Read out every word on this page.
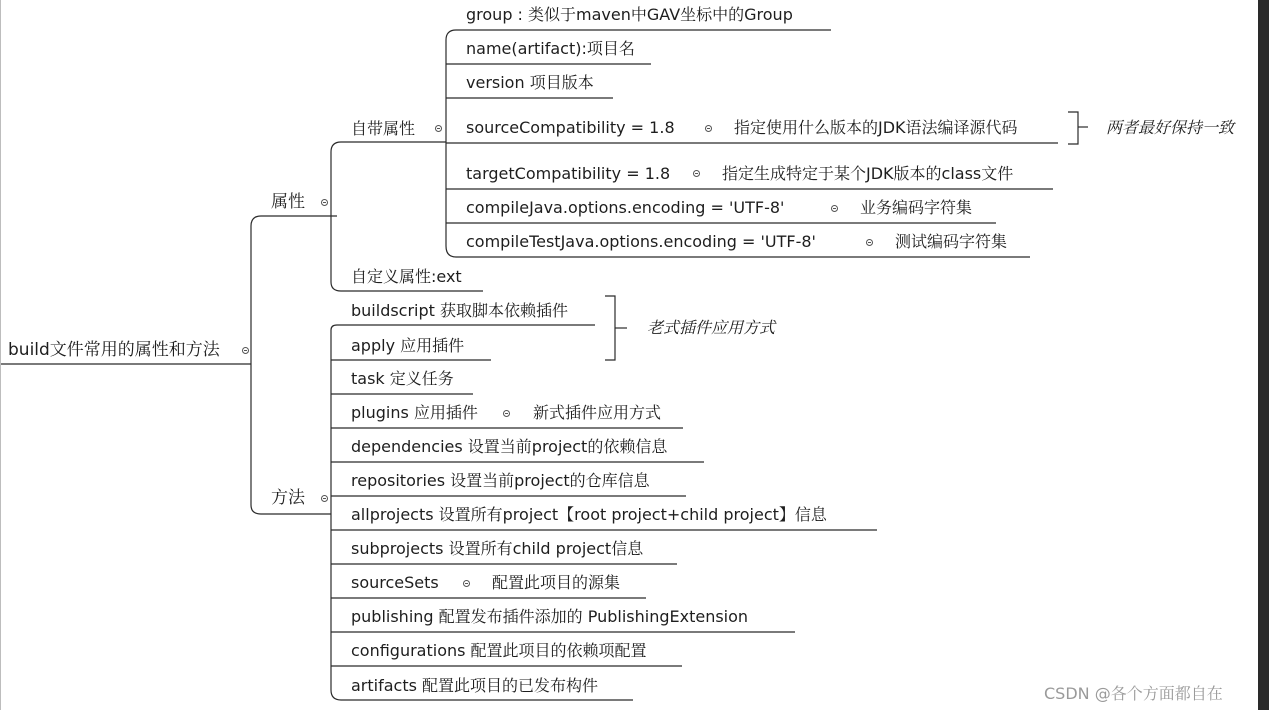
build文件常用的属性和方法
属性
方法
自带属性
自定义属性:ext
group : 类似于maven中GAV坐标中的Group
name(artifact):项目名
version 项目版本
sourceCompatibility = 1.8	指定使用什么版本的JDK语法编译源代码
targetCompatibility = 1.8	指定生成特定于某个JDK版本的class文件
compileJava.options.encoding = 'UTF-8'	业务编码字符集
compileTestJava.options.encoding = 'UTF-8'	测试编码字符集
两者最好保持一致
buildscript 获取脚本依赖插件
apply 应用插件
task 定义任务
plugins 应用插件	新式插件应用方式
dependencies 设置当前project的依赖信息
repositories 设置当前project的仓库信息
allprojects 设置所有project【root project+child project】信息
subprojects 设置所有child project信息
sourceSets	配置此项目的源集
publishing 配置发布插件添加的 PublishingExtension
configurations 配置此项目的依赖项配置
artifacts 配置此项目的已发布构件
老式插件应用方式
CSDN @各个方面都自在
